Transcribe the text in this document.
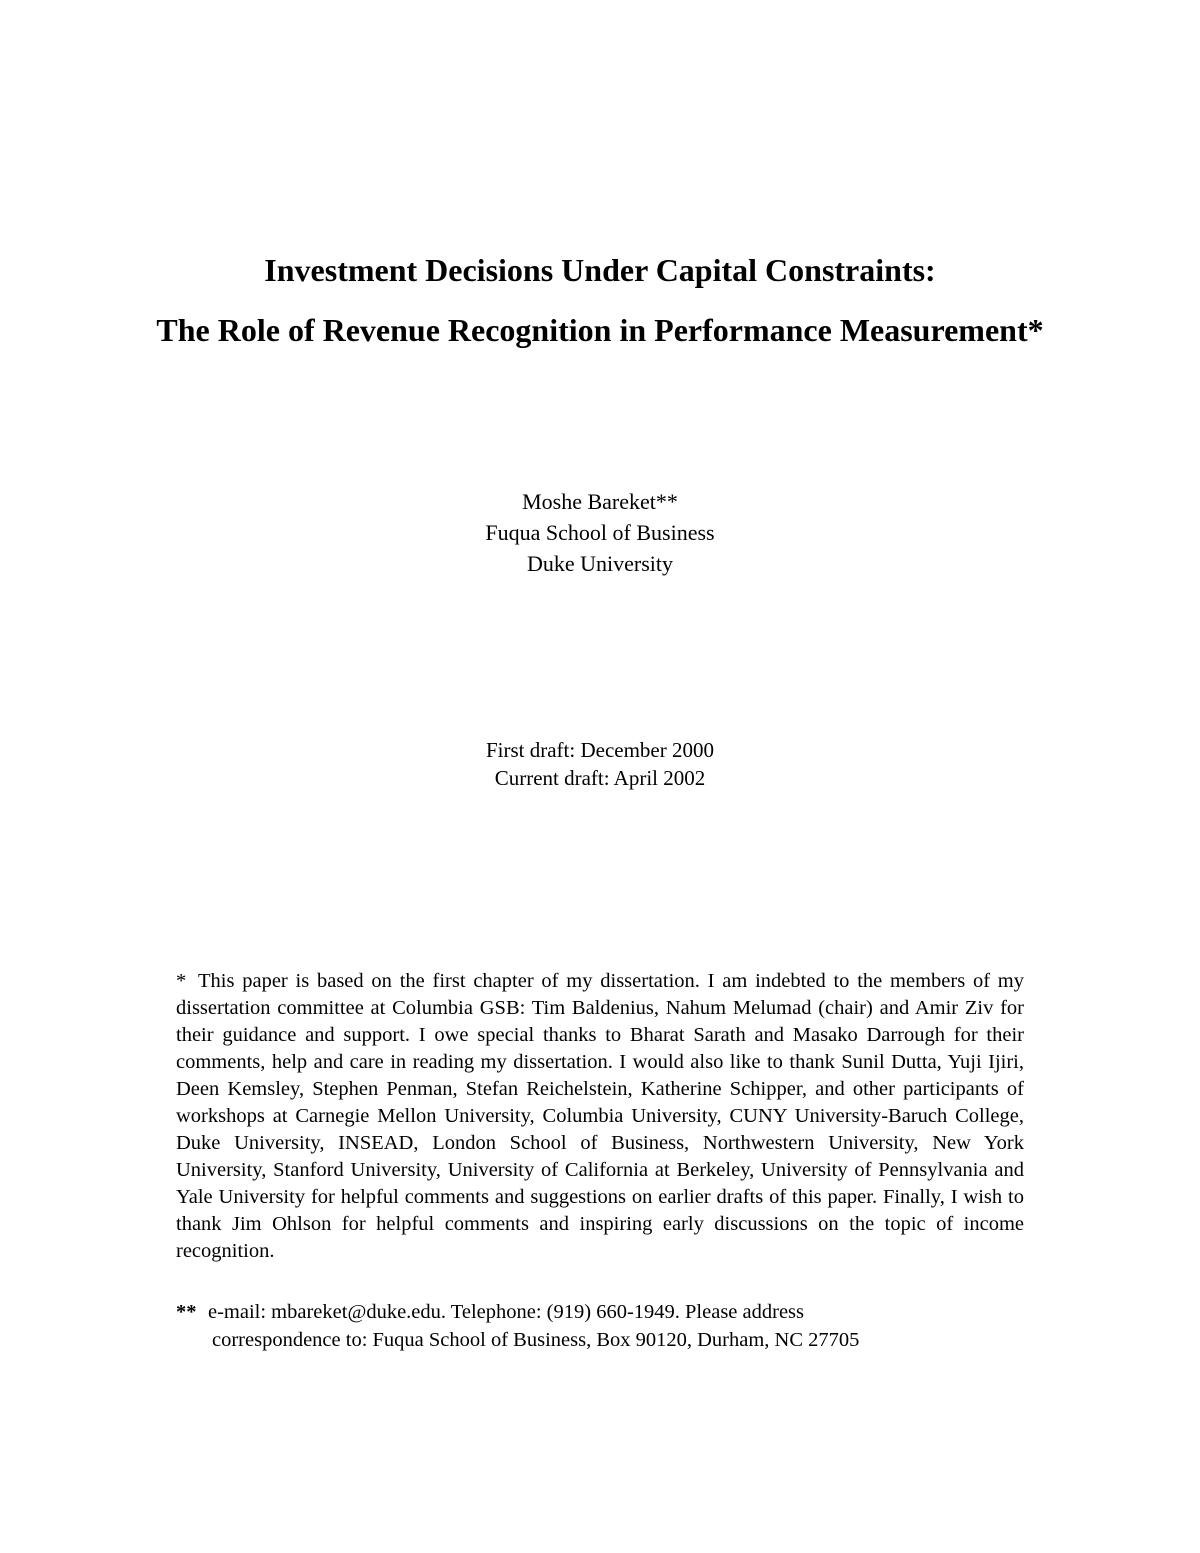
Investment Decisions Under Capital Constraints:
The Role of Revenue Recognition in Performance Measurement*
Moshe Bareket**
Fuqua School of Business
Duke University
First draft: December 2000
Current draft: April 2002

* This paper is based on the first chapter of my dissertation. I am indebted to the members of my dissertation committee at Columbia GSB: Tim Baldenius, Nahum Melumad (chair) and Amir Ziv for their guidance and support. I owe special thanks to Bharat Sarath and Masako Darrough for their comments, help and care in reading my dissertation. I would also like to thank Sunil Dutta, Yuji Ijiri, Deen Kemsley, Stephen Penman, Stefan Reichelstein, Katherine Schipper, and other participants of workshops at Carnegie Mellon University, Columbia University, CUNY University-Baruch College, Duke University, INSEAD, London School of Business, Northwestern University, New York University, Stanford University, University of California at Berkeley, University of Pennsylvania and Yale University for helpful comments and suggestions on earlier drafts of this paper. Finally, I wish to thank Jim Ohlson for helpful comments and inspiring early discussions on the topic of income recognition.

** e-mail: mbareket@duke.edu. Telephone: (919) 660-1949. Please address
correspondence to: Fuqua School of Business, Box 90120, Durham, NC 27705
